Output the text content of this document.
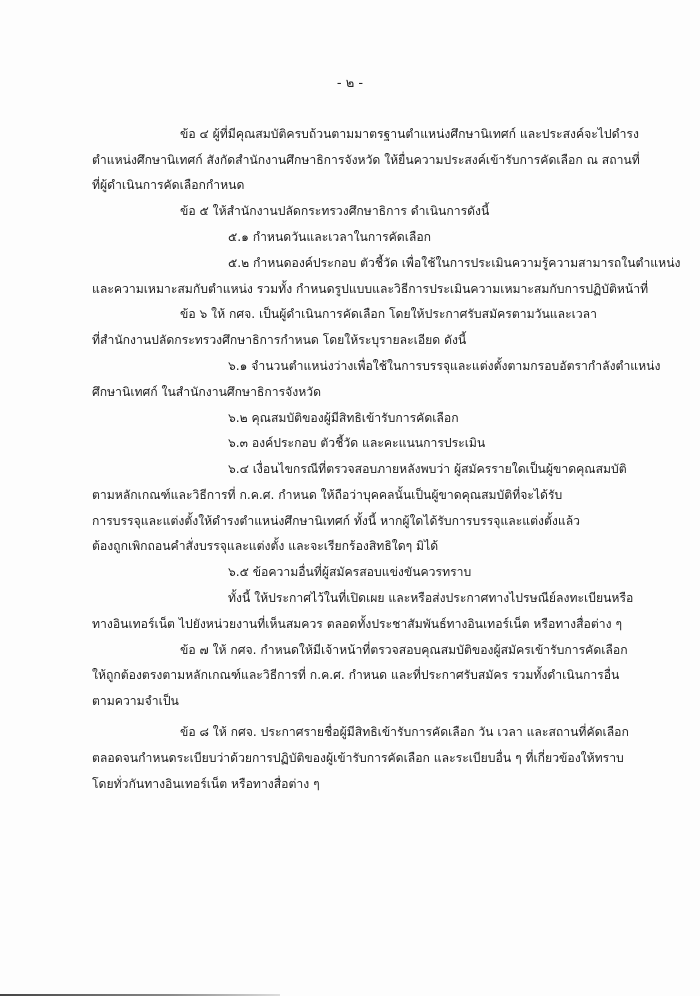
- ๒ -
ข้อ ๔ ผู้ที่มีคุณสมบัติครบถ้วนตามมาตรฐานตำแหน่งศึกษานิเทศก์ และประสงค์จะไปดำรง
ตำแหน่งศึกษานิเทศก์ สังกัดสำนักงานศึกษาธิการจังหวัด ให้ยื่นความประสงค์เข้ารับการคัดเลือก ณ สถานที่
ที่ผู้ดำเนินการคัดเลือกกำหนด
ข้อ ๕ ให้สำนักงานปลัดกระทรวงศึกษาธิการ ดำเนินการดังนี้
๕.๑ กำหนดวันและเวลาในการคัดเลือก
๕.๒ กำหนดองค์ประกอบ ตัวชี้วัด เพื่อใช้ในการประเมินความรู้ความสามารถในตำแหน่ง
และความเหมาะสมกับตำแหน่ง รวมทั้ง กำหนดรูปแบบและวิธีการประเมินความเหมาะสมกับการปฏิบัติหน้าที่
ข้อ ๖ ให้ กศจ. เป็นผู้ดำเนินการคัดเลือก โดยให้ประกาศรับสมัครตามวันและเวลา
ที่สำนักงานปลัดกระทรวงศึกษาธิการกำหนด โดยให้ระบุรายละเอียด ดังนี้
๖.๑ จำนวนตำแหน่งว่างเพื่อใช้ในการบรรจุและแต่งตั้งตามกรอบอัตรากำลังตำแหน่ง
ศึกษานิเทศก์ ในสำนักงานศึกษาธิการจังหวัด
๖.๒ คุณสมบัติของผู้มีสิทธิเข้ารับการคัดเลือก
๖.๓ องค์ประกอบ ตัวชี้วัด และคะแนนการประเมิน
๖.๔ เงื่อนไขกรณีที่ตรวจสอบภายหลังพบว่า ผู้สมัครรายใดเป็นผู้ขาดคุณสมบัติ
ตามหลักเกณฑ์และวิธีการที่ ก.ค.ศ. กำหนด ให้ถือว่าบุคคลนั้นเป็นผู้ขาดคุณสมบัติที่จะได้รับ
การบรรจุและแต่งตั้งให้ดำรงตำแหน่งศึกษานิเทศก์ ทั้งนี้ หากผู้ใดได้รับการบรรจุและแต่งตั้งแล้ว
ต้องถูกเพิกถอนคำสั่งบรรจุและแต่งตั้ง และจะเรียกร้องสิทธิใดๆ มิได้
๖.๕ ข้อความอื่นที่ผู้สมัครสอบแข่งขันควรทราบ
ทั้งนี้ ให้ประกาศไว้ในที่เปิดเผย และหรือส่งประกาศทางไปรษณีย์ลงทะเบียนหรือ
ทางอินเทอร์เน็ต ไปยังหน่วยงานที่เห็นสมควร ตลอดทั้งประชาสัมพันธ์ทางอินเทอร์เน็ต หรือทางสื่อต่าง ๆ
ข้อ ๗ ให้ กศจ. กำหนดให้มีเจ้าหน้าที่ตรวจสอบคุณสมบัติของผู้สมัครเข้ารับการคัดเลือก
ให้ถูกต้องตรงตามหลักเกณฑ์และวิธีการที่ ก.ค.ศ. กำหนด และที่ประกาศรับสมัคร รวมทั้งดำเนินการอื่น
ตามความจำเป็น
ข้อ ๘ ให้ กศจ. ประกาศรายชื่อผู้มีสิทธิเข้ารับการคัดเลือก วัน เวลา และสถานที่คัดเลือก
ตลอดจนกำหนดระเบียบว่าด้วยการปฏิบัติของผู้เข้ารับการคัดเลือก และระเบียบอื่น ๆ ที่เกี่ยวข้องให้ทราบ
โดยทั่วกันทางอินเทอร์เน็ต หรือทางสื่อต่าง ๆ
